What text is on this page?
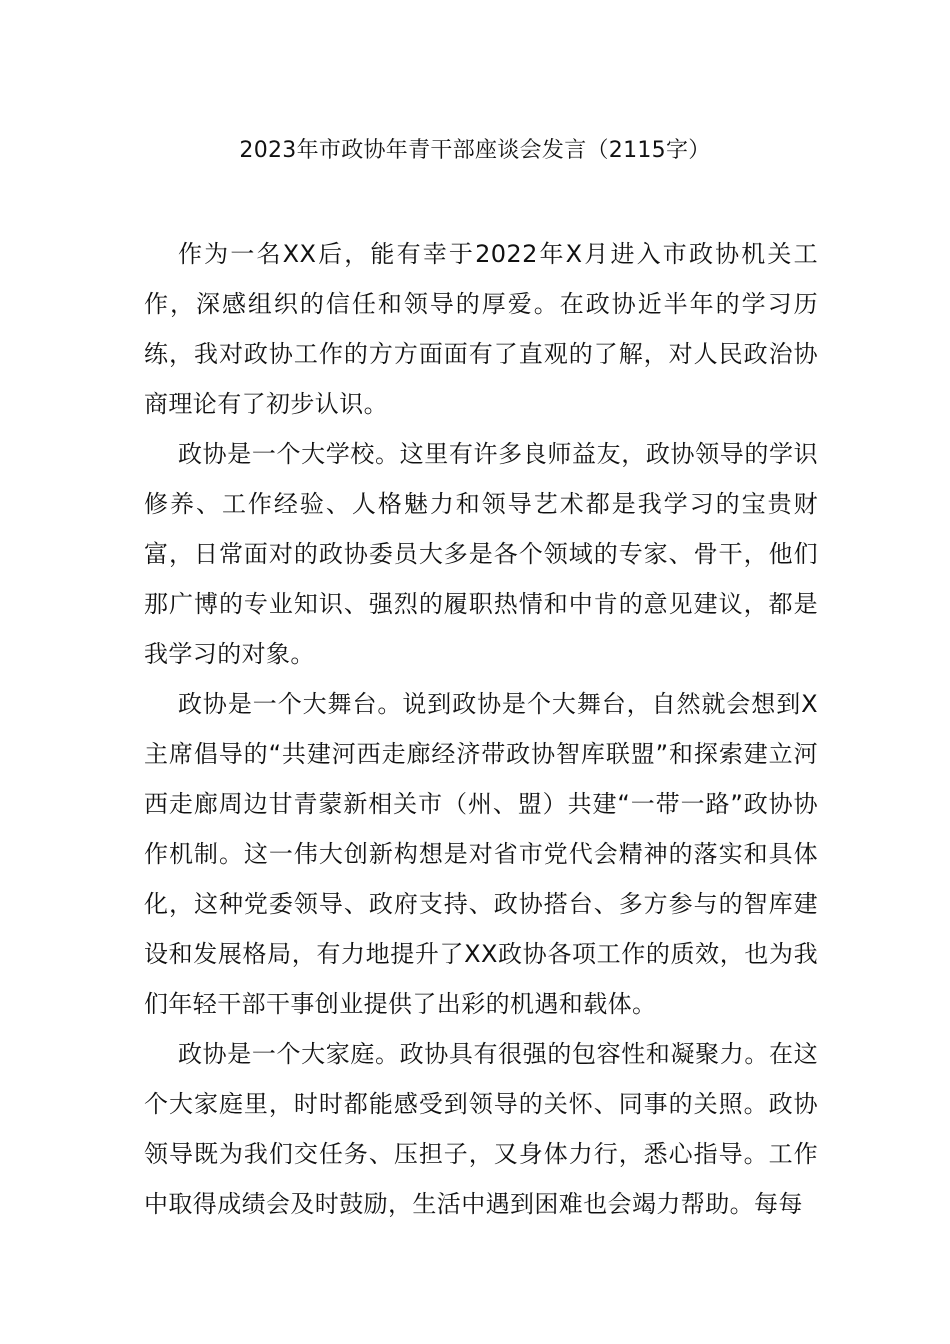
2023年市政协年青干部座谈会发言（2115字）

作为一名XX后，能有幸于2022年X月进入市政协机关工作，深感组织的信任和领导的厚爱。在政协近半年的学习历练，我对政协工作的方方面面有了直观的了解，对人民政治协商理论有了初步认识。

政协是一个大学校。这里有许多良师益友，政协领导的学识修养、工作经验、人格魅力和领导艺术都是我学习的宝贵财富，日常面对的政协委员大多是各个领域的专家、骨干，他们那广博的专业知识、强烈的履职热情和中肯的意见建议，都是我学习的对象。

政协是一个大舞台。说到政协是个大舞台，自然就会想到X主席倡导的“共建河西走廊经济带政协智库联盟”和探索建立河西走廊周边甘青蒙新相关市（州、盟）共建“一带一路”政协协作机制。这一伟大创新构想是对省市党代会精神的落实和具体化，这种党委领导、政府支持、政协搭台、多方参与的智库建设和发展格局，有力地提升了XX政协各项工作的质效，也为我们年轻干部干事创业提供了出彩的机遇和载体。

政协是一个大家庭。政协具有很强的包容性和凝聚力。在这个大家庭里，时时都能感受到领导的关怀、同事的关照。政协领导既为我们交任务、压担子，又身体力行，悉心指导。工作中取得成绩会及时鼓励，生活中遇到困难也会竭力帮助。每每
